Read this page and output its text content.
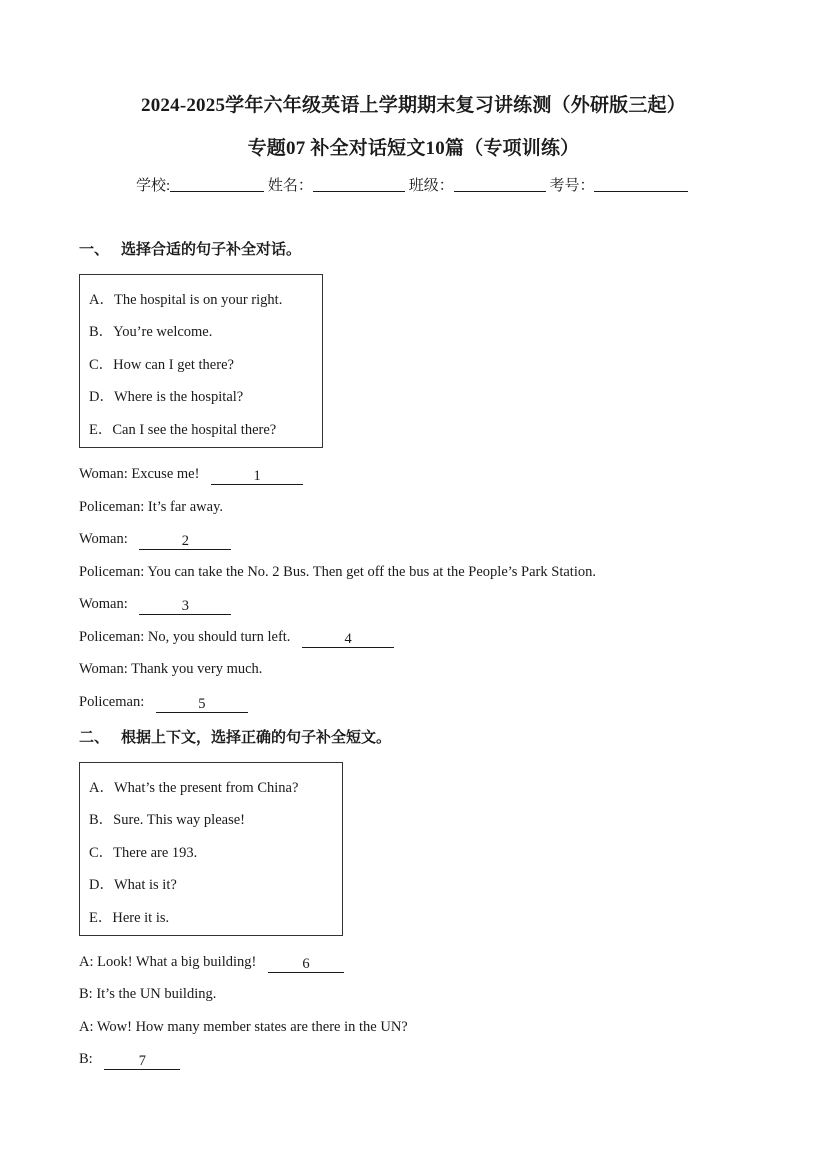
2024-2025学年六年级英语上学期期末复习讲练测（外研版三起）
专题07 补全对话短文10篇（专项训练）
学校:	姓名：	班级：	考号：
一、 选择合适的句子补全对话。
A．The hospital is on your right.
B．You’re welcome.
C．How can I get there?
D．Where is the hospital?
E．Can I see the hospital there?
Woman: Excuse me!	1
Policeman: It’s far away.
Woman:	2
Policeman: You can take the No. 2 Bus. Then get off the bus at the People’s Park Station.
Woman:	3
Policeman: No, you should turn left.	4
Woman: Thank you very much.
Policeman:	5
二、 根据上下文，选择正确的句子补全短文。
A．What’s the present from China?
B．Sure. This way please!
C．There are 193.
D．What is it?
E．Here it is.
A: Look! What a big building!	6
B: It’s the UN building.
A: Wow! How many member states are there in the UN?
B:	7
